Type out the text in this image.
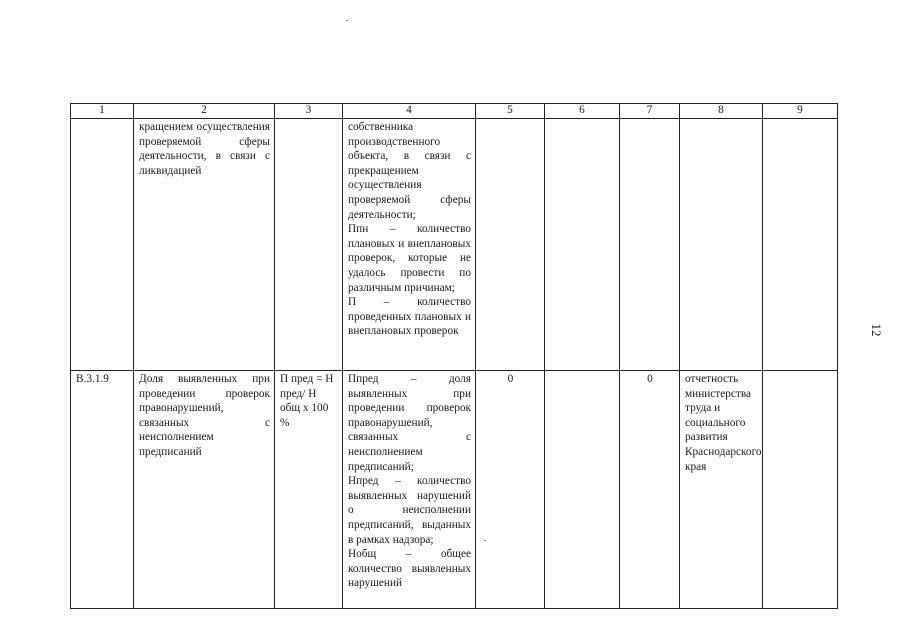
12
1	2	3	4	5	6	7	8	9
	кращением осуществления проверяемой сферы деятельности, в связи с ликвидацией		собственника производственного объекта, в связи с прекращением осуществления проверяемой сферы деятельности;
Ппн – количество плановых и внеплановых проверок, которые не удалось провести по различным причинам;
П – количество проведенных плановых и внеплановых проверок					

В.3.1.9	Доля выявленных при проведении проверок правонарушений, связанных с неисполнением предписаний	П пред = Н пред/ Н общ х 100 %	Ппред – доля выявленных при проведении проверок правонарушений, связанных с неисполнением предписаний;
Нпред – количество выявленных нарушений о неисполнении предписаний, выданных в рамках надзора;
Нобщ – общее количество выявленных нарушений	0		0	отчетность министерства труда и социального развития Краснодарского края	
